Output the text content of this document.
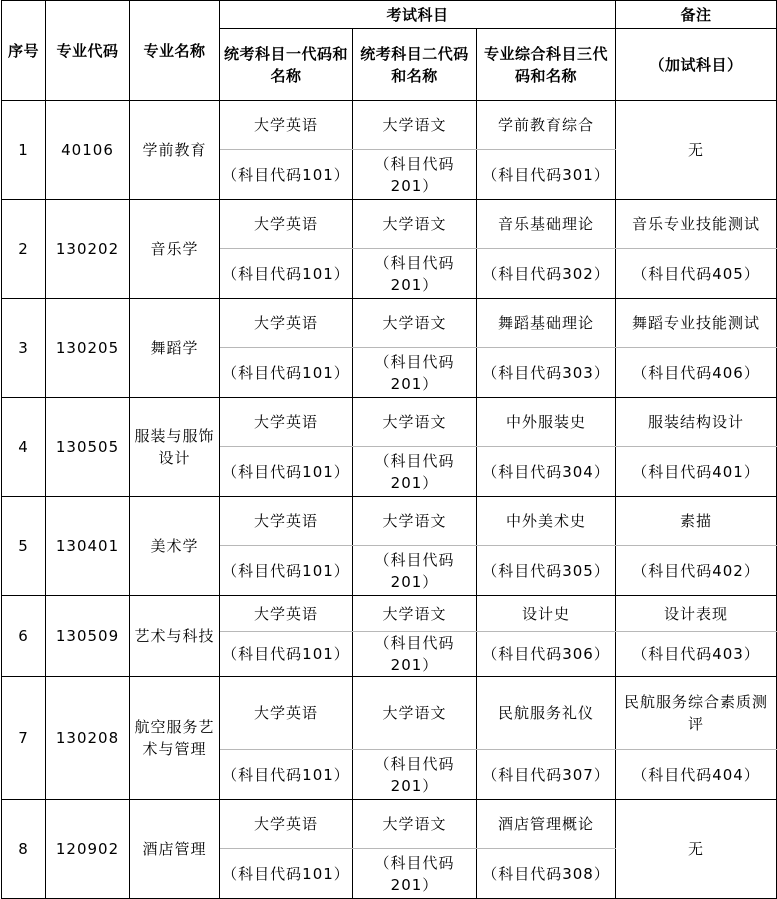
序号	专业代码	专业名称	考试科目			备注
			统考科目一代码和名称	统考科目二代码和名称	专业综合科目三代码和名称	（加试科目）
1	40106	学前教育	大学英语	大学语文	学前教育综合	无
			（科目代码101）	（科目代码201）	（科目代码301）	
2	130202	音乐学	大学英语	大学语文	音乐基础理论	音乐专业技能测试
			（科目代码101）	（科目代码201）	（科目代码302）	（科目代码405）
3	130205	舞蹈学	大学英语	大学语文	舞蹈基础理论	舞蹈专业技能测试
			（科目代码101）	（科目代码201）	（科目代码303）	（科目代码406）
4	130505	服装与服饰设计	大学英语	大学语文	中外服装史	服装结构设计
			（科目代码101）	（科目代码201）	（科目代码304）	（科目代码401）
5	130401	美术学	大学英语	大学语文	中外美术史	素描
			（科目代码101）	（科目代码201）	（科目代码305）	（科目代码402）
6	130509	艺术与科技	大学英语	大学语文	设计史	设计表现
			（科目代码101）	（科目代码201）	（科目代码306）	（科目代码403）
7	130208	航空服务艺术与管理	大学英语	大学语文	民航服务礼仪	民航服务综合素质测评
			（科目代码101）	（科目代码201）	（科目代码307）	（科目代码404）
8	120902	酒店管理	大学英语	大学语文	酒店管理概论	无
			（科目代码101）	（科目代码201）	（科目代码308）	
